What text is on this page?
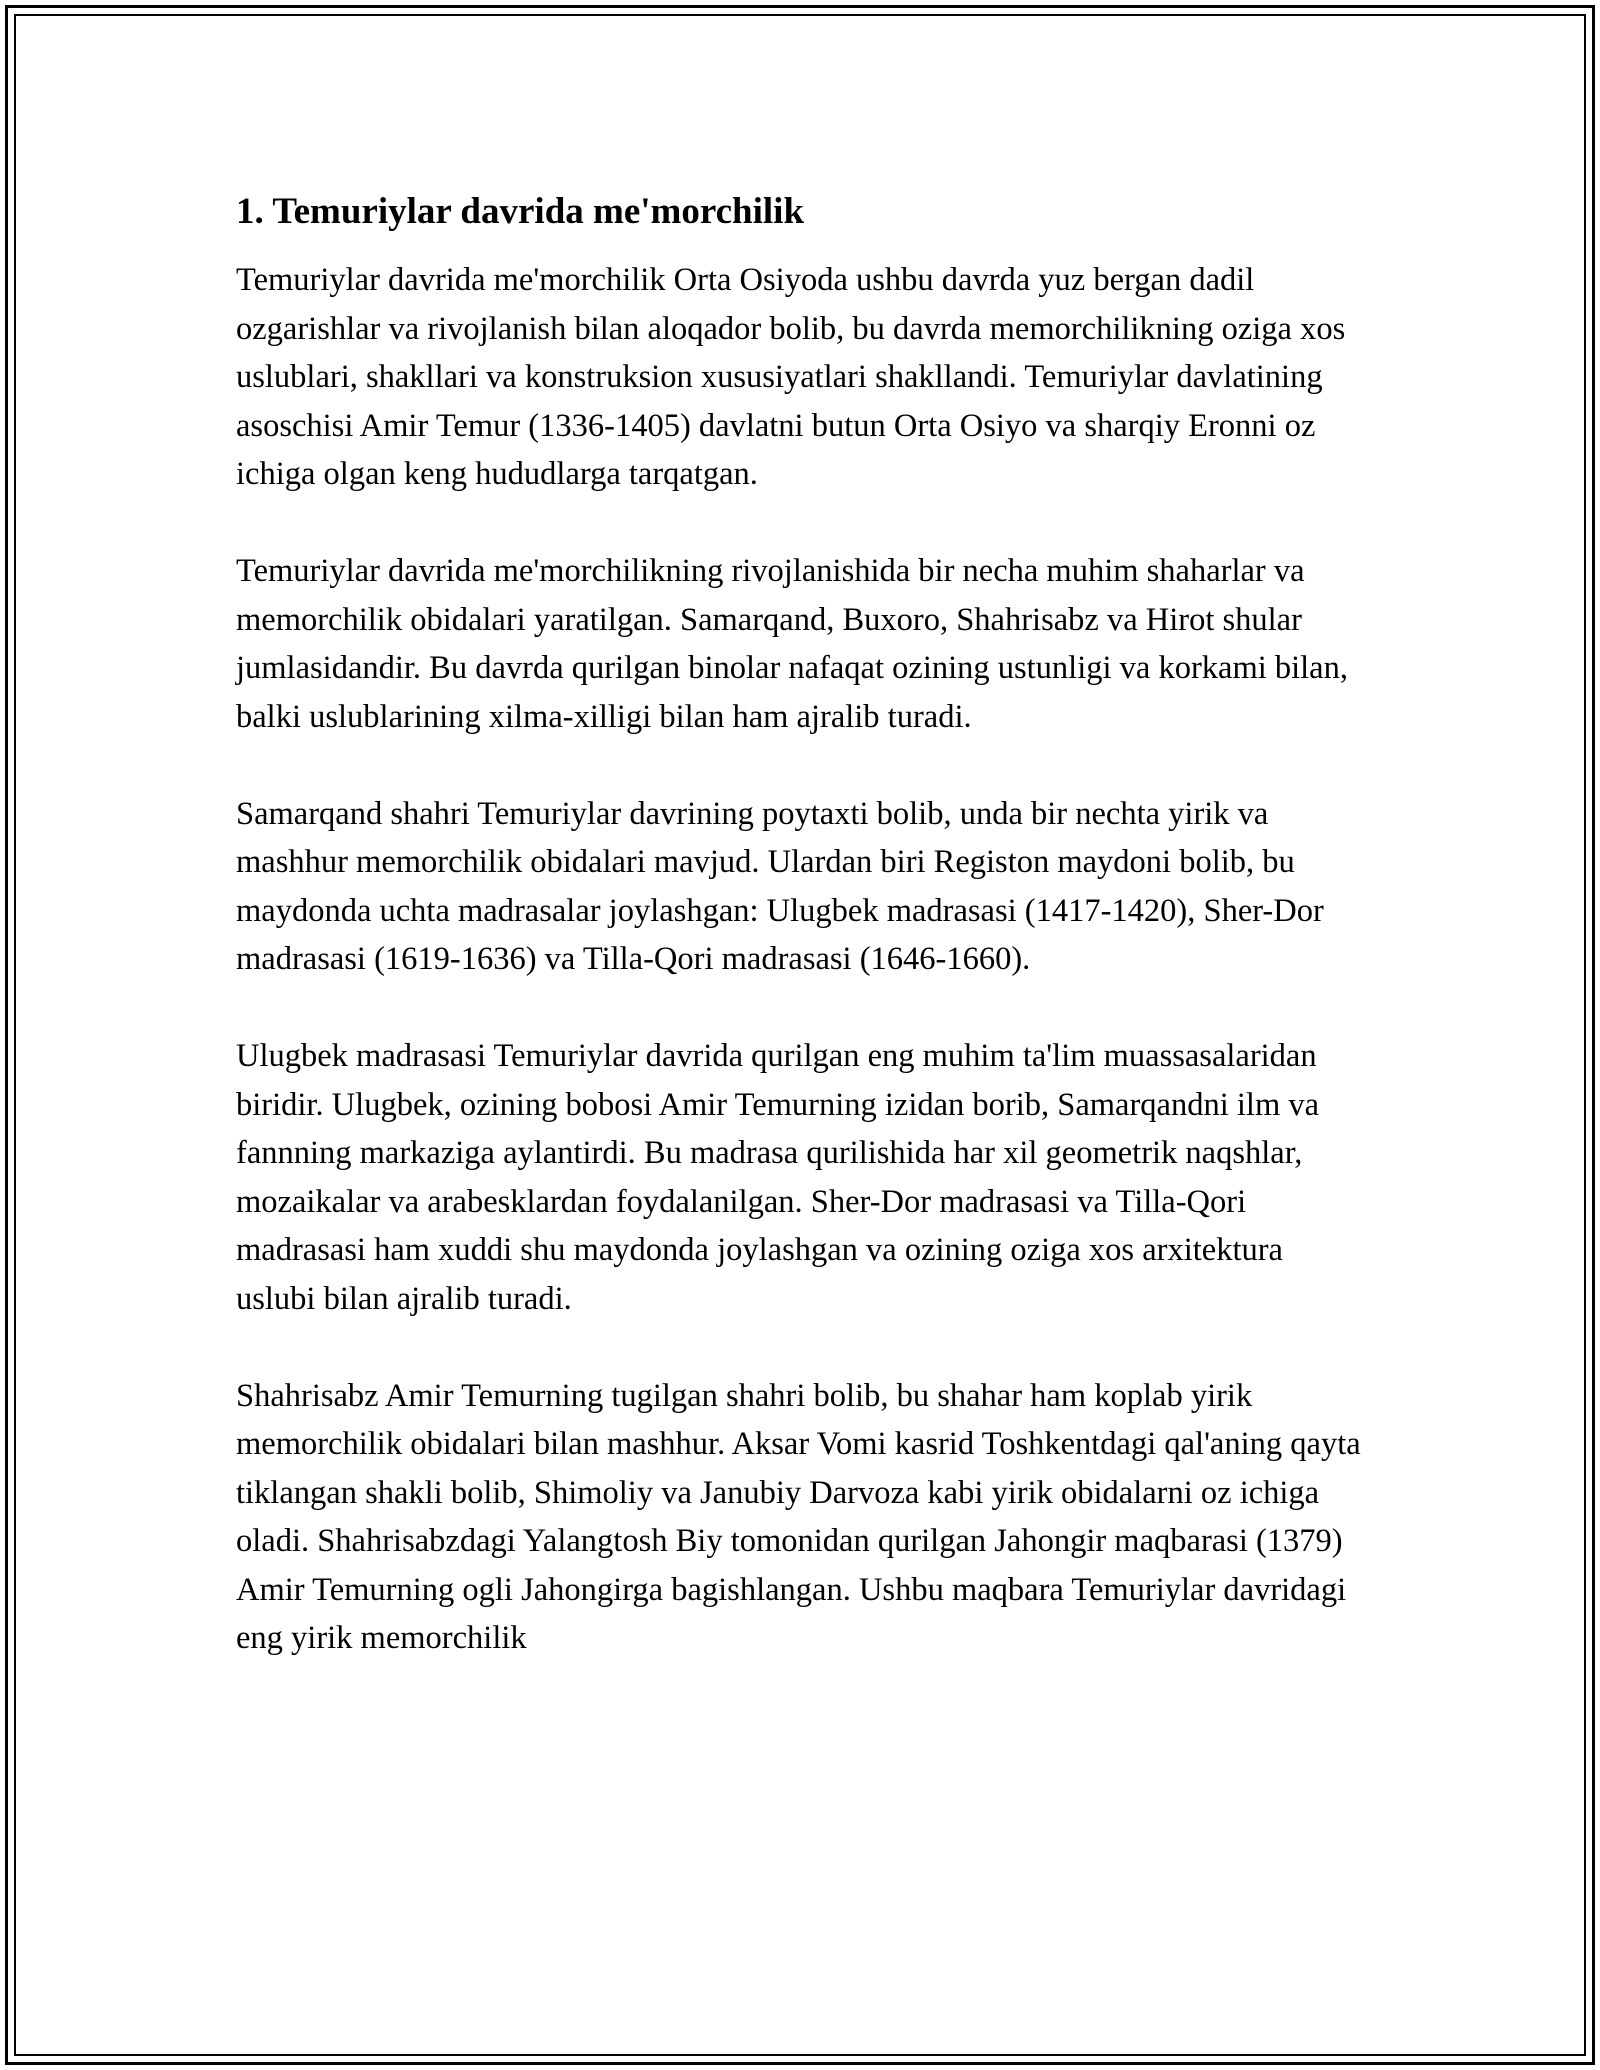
1. Temuriylar davrida me'morchilik

Temuriylar davrida me'morchilik Orta Osiyoda ushbu davrda yuz bergan dadil ozgarishlar va rivojlanish bilan aloqador bolib, bu davrda memorchilikning oziga xos uslublari, shakllari va konstruksion xususiyatlari shakllandi. Temuriylar davlatining asoschisi Amir Temur (1336-1405) davlatni butun Orta Osiyo va sharqiy Eronni oz ichiga olgan keng hududlarga tarqatgan.

Temuriylar davrida me'morchilikning rivojlanishida bir necha muhim shaharlar va memorchilik obidalari yaratilgan. Samarqand, Buxoro, Shahrisabz va Hirot shular jumlasidandir. Bu davrda qurilgan binolar nafaqat ozining ustunligi va korkami bilan, balki uslublarining xilma-xilligi bilan ham ajralib turadi.

Samarqand shahri Temuriylar davrining poytaxti bolib, unda bir nechta yirik va mashhur memorchilik obidalari mavjud. Ulardan biri Registon maydoni bolib, bu maydonda uchta madrasalar joylashgan: Ulugbek madrasasi (1417-1420), Sher-Dor madrasasi (1619-1636) va Tilla-Qori madrasasi (1646-1660).

Ulugbek madrasasi Temuriylar davrida qurilgan eng muhim ta'lim muassasalaridan biridir. Ulugbek, ozining bobosi Amir Temurning izidan borib, Samarqandni ilm va fannning markaziga aylantirdi. Bu madrasa qurilishida har xil geometrik naqshlar, mozaikalar va arabesklardan foydalanilgan. Sher-Dor madrasasi va Tilla-Qori madrasasi ham xuddi shu maydonda joylashgan va ozining oziga xos arxitektura uslubi bilan ajralib turadi.

Shahrisabz Amir Temurning tugilgan shahri bolib, bu shahar ham koplab yirik memorchilik obidalari bilan mashhur. Aksar Vomi kasrid Toshkentdagi qal'aning qayta tiklangan shakli bolib, Shimoliy va Janubiy Darvoza kabi yirik obidalarni oz ichiga oladi. Shahrisabzdagi Yalangtosh Biy tomonidan qurilgan Jahongir maqbarasi (1379) Amir Temurning ogli Jahongirga bagishlangan. Ushbu maqbara Temuriylar davridagi eng yirik memorchilik
